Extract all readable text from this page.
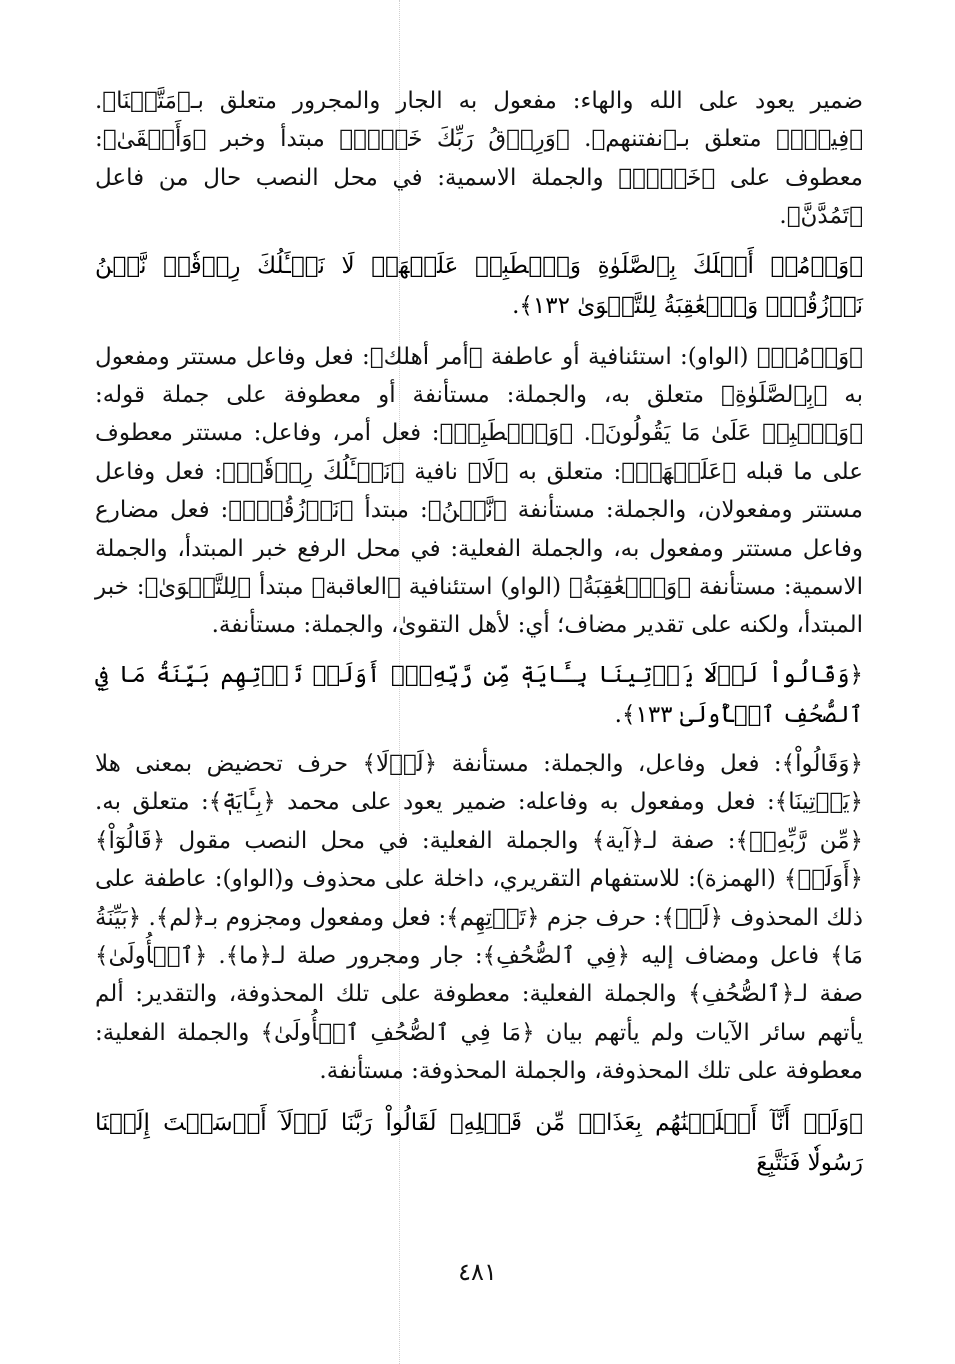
ضمير يعود على الله والهاء: مفعول به الجار والمجرور متعلق بـ﴿مَتَّعۡنَا﴾. ﴿فِيهِۚ﴾ متعلق بـ﴿نفتنهم﴾. ﴿وَرِزۡقُ رَبِّكَ خَيۡرٞ﴾ مبتدأ وخبر ﴿وَأَبۡقَىٰ﴾: معطوف على ﴿خَيۡرٞ﴾ والجملة الاسمية: في محل النصب حال من فاعل ﴿تَمُدَّنَّ﴾.

﴿وَأۡمُرۡ أَهۡلَكَ بِٱلصَّلَوٰةِ وَٱصۡطَبِرۡ عَلَيۡهَاۖ لَا نَسۡـَٔلُكَ رِزۡقٗاۖ نَّحۡنُ نَرۡزُقُكَۗ وَٱلۡعَٰقِبَةُ لِلتَّقۡوَىٰ ١٣٢﴾.

﴿وَأۡمُرۡ﴾ (الواو): استئنافية أو عاطفة ﴿أمر أهلك﴾: فعل وفاعل مستتر ومفعول به ﴿بِٱلصَّلَوٰةِ﴾ متعلق به، والجملة: مستأنفة أو معطوفة على جملة قوله: ﴿وَٱصۡبِرۡ عَلَىٰ مَا يَقُولُونَ﴾. ﴿وَٱصۡطَبِرۡ﴾: فعل أمر، وفاعل: مستتر معطوف على ما قبله ﴿عَلَيۡهَاۖ﴾: متعلق به ﴿لَا﴾ نافية ﴿نَسۡـَٔلُكَ رِزۡقٗاۖ﴾: فعل وفاعل مستتر ومفعولان، والجملة: مستأنفة ﴿نَّحۡنُ﴾: مبتدأ ﴿نَرۡزُقُكَۗ﴾: فعل مضارع وفاعل مستتر ومفعول به، والجملة الفعلية: في محل الرفع خبر المبتدأ، والجملة الاسمية: مستأنفة ﴿وَٱلۡعَٰقِبَةُ﴾ (الواو) استئنافية ﴿العاقبة﴾ مبتدأ ﴿لِلتَّقۡوَىٰ﴾: خبر المبتدأ، ولكنه على تقدير مضاف؛ أي: لأهل التقوىٰ، والجملة: مستأنفة.

﴿وَقَالُواْ لَوۡلَا يَأۡتِينَا بِـَٔايَةٖ مِّن رَّبِّهِۦٓۚ أَوَلَمۡ تَأۡتِهِم بَيِّنَةُ مَا فِي ٱلصُّحُفِ ٱلۡأُولَىٰ ١٣٣﴾.

﴿وَقَالُواْ﴾: فعل وفاعل، والجملة: مستأنفة ﴿لَوۡلَا﴾ حرف تحضيض بمعنى هلا ﴿يَأۡتِينَا﴾: فعل ومفعول به وفاعله: ضمير يعود على محمد ﴿بِـَٔايَةٖ﴾: متعلق به. ﴿مِّن رَّبِّهِۦٓ﴾: صفة لـ﴿آية﴾ والجملة الفعلية: في محل النصب مقول ﴿قَالُوٓاْ﴾ ﴿أَوَلَمۡ﴾ (الهمزة): للاستفهام التقريري، داخلة على محذوف و(الواو): عاطفة على ذلك المحذوف ﴿لَمۡ﴾: حرف جزم ﴿تَأۡتِهِم﴾: فعل ومفعول ومجزوم بـ﴿لم﴾. ﴿بَيِّنَةُ مَا﴾ فاعل ومضاف إليه ﴿فِي ٱلصُّحُفِ﴾: جار ومجرور صلة لـ﴿ما﴾. ﴿ٱلۡأُولَىٰ﴾ صفة لـ﴿ٱلصُّحُفِ﴾ والجملة الفعلية: معطوفة على تلك المحذوفة، والتقدير: ألم يأتهم سائر الآيات ولم يأتهم بيان ﴿مَا فِي ٱلصُّحُفِ ٱلۡأُولَىٰ﴾ والجملة الفعلية: معطوفة على تلك المحذوفة، والجملة المحذوفة: مستأنفة.

﴿وَلَوۡ أَنَّآ أَهۡلَكۡنَٰهُم بِعَذَابٖ مِّن قَبۡلِهِۦ لَقَالُواْ رَبَّنَا لَوۡلَآ أَرۡسَلۡتَ إِلَيۡنَا رَسُولٗا فَنَتَّبِعَ

٤٨١
